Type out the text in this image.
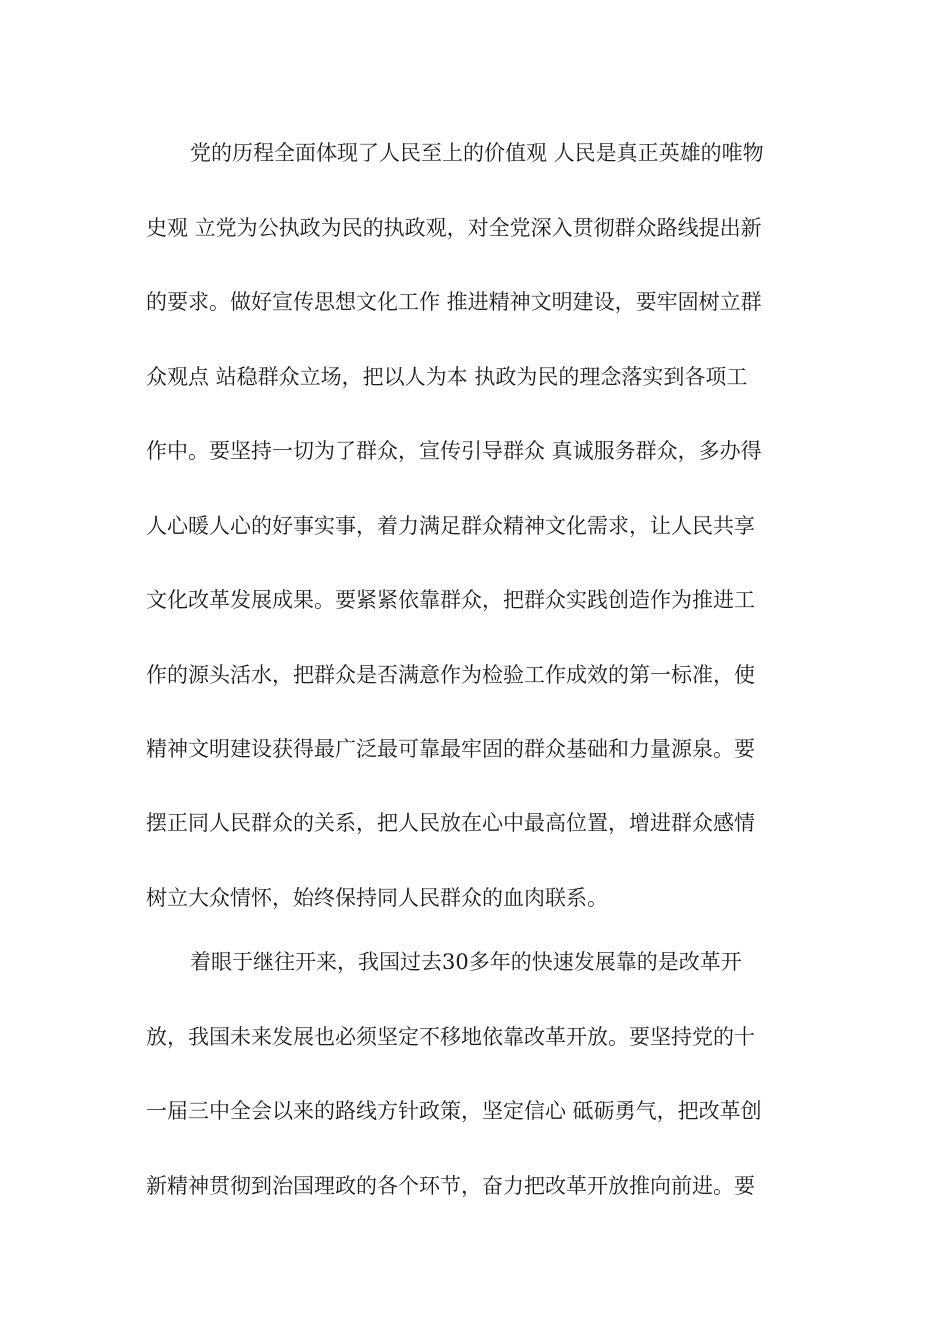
党的历程全面体现了人民至上的价值观 人民是真正英雄的唯物
史观 立党为公执政为民的执政观，对全党深入贯彻群众路线提出新
的要求。做好宣传思想文化工作 推进精神文明建设，要牢固树立群
众观点 站稳群众立场，把以人为本 执政为民的理念落实到各项工
作中。要坚持一切为了群众，宣传引导群众 真诚服务群众，多办得
人心暖人心的好事实事，着力满足群众精神文化需求，让人民共享
文化改革发展成果。要紧紧依靠群众，把群众实践创造作为推进工
作的源头活水，把群众是否满意作为检验工作成效的第一标准，使
精神文明建设获得最广泛最可靠最牢固的群众基础和力量源泉。要
摆正同人民群众的关系，把人民放在心中最高位置，增进群众感情
树立大众情怀，始终保持同人民群众的血肉联系。
着眼于继往开来，我国过去30多年的快速发展靠的是改革开
放，我国未来发展也必须坚定不移地依靠改革开放。要坚持党的十
一届三中全会以来的路线方针政策，坚定信心 砥砺勇气，把改革创
新精神贯彻到治国理政的各个环节，奋力把改革开放推向前进。要
